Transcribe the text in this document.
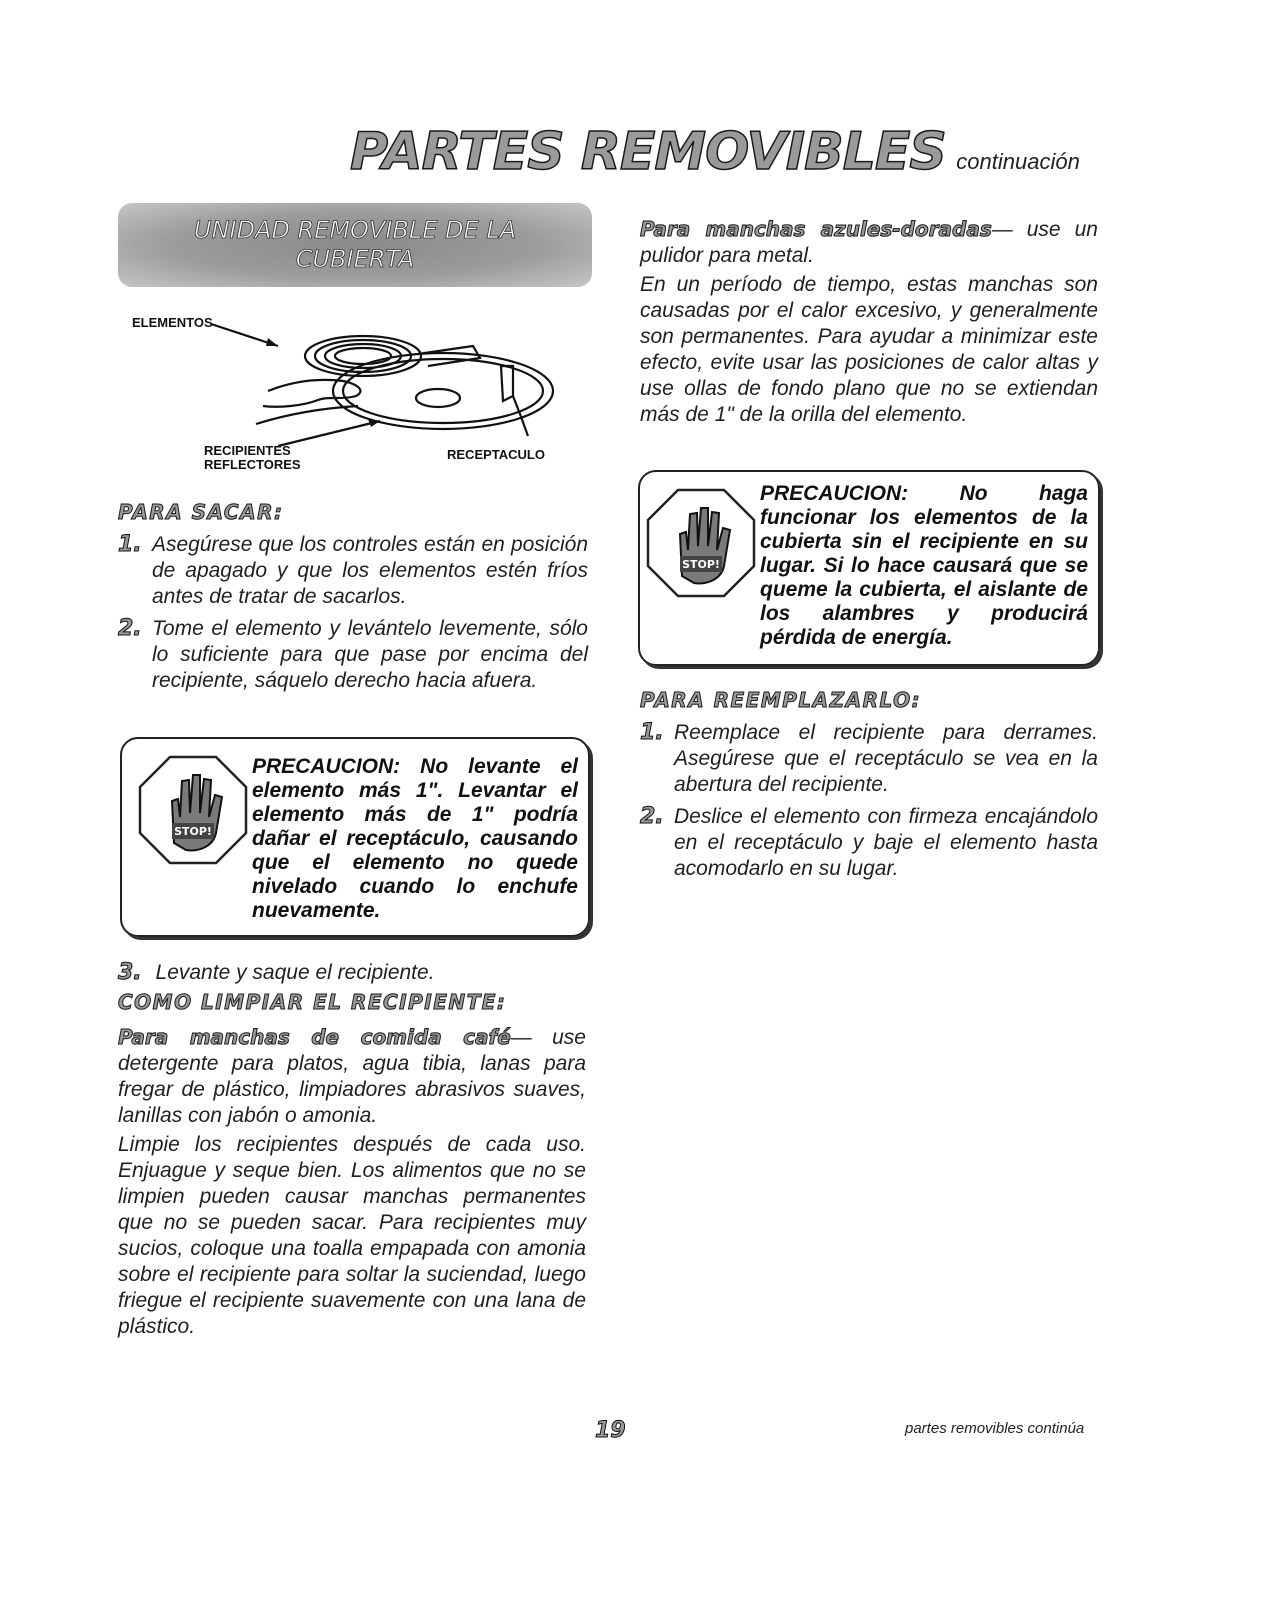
PARTES REMOVIBLES continuación
UNIDAD REMOVIBLE DE LA CUBIERTA
ELEMENTOS
RECIPIENTES
REFLECTORES
RECEPTACULO
PARA SACAR:
1. Asegúrese que los controles están en posición de apagado y que los elementos estén fríos antes de tratar de sacarlos.
2. Tome el elemento y levántelo levemente, sólo lo suficiente para que pase por encima del recipiente, sáquelo derecho hacia afuera.
STOP!

PRECAUCION: No levante el elemento más 1". Levantar el elemento más de 1" podría dañar el receptáculo, causando que el elemento no quede nivelado cuando lo enchufe nuevamente.

3. Levante y saque el recipiente.
COMO LIMPIAR EL RECIPIENTE:

Para manchas de comida café— use detergente para platos, agua tibia, lanas para fregar de plástico, limpiadores abrasivos suaves, lanillas con jabón o amonia.

Limpie los recipientes después de cada uso. Enjuague y seque bien. Los alimentos que no se limpien pueden causar manchas permanentes que no se pueden sacar. Para recipientes muy sucios, coloque una toalla empapada con amonia sobre el recipiente para soltar la suciendad, luego friegue el recipiente suavemente con una lana de plástico.

Para manchas azules-doradas— use un pulidor para metal.

En un período de tiempo, estas manchas son causadas por el calor excesivo, y generalmente son permanentes. Para ayudar a minimizar este efecto, evite usar las posiciones de calor altas y use ollas de fondo plano que no se extiendan más de 1" de la orilla del elemento.

STOP!

PRECAUCION: No haga funcionar los elementos de la cubierta sin el recipiente en su lugar. Si lo hace causará que se queme la cubierta, el aislante de los alambres y producirá pérdida de energía.

PARA REEMPLAZARLO:
1. Reemplace el recipiente para derrames. Asegúrese que el receptáculo se vea en la abertura del recipiente.
2. Deslice el elemento con firmeza encajándolo en el receptáculo y baje el elemento hasta acomodarlo en su lugar.
19	partes removibles continúa
